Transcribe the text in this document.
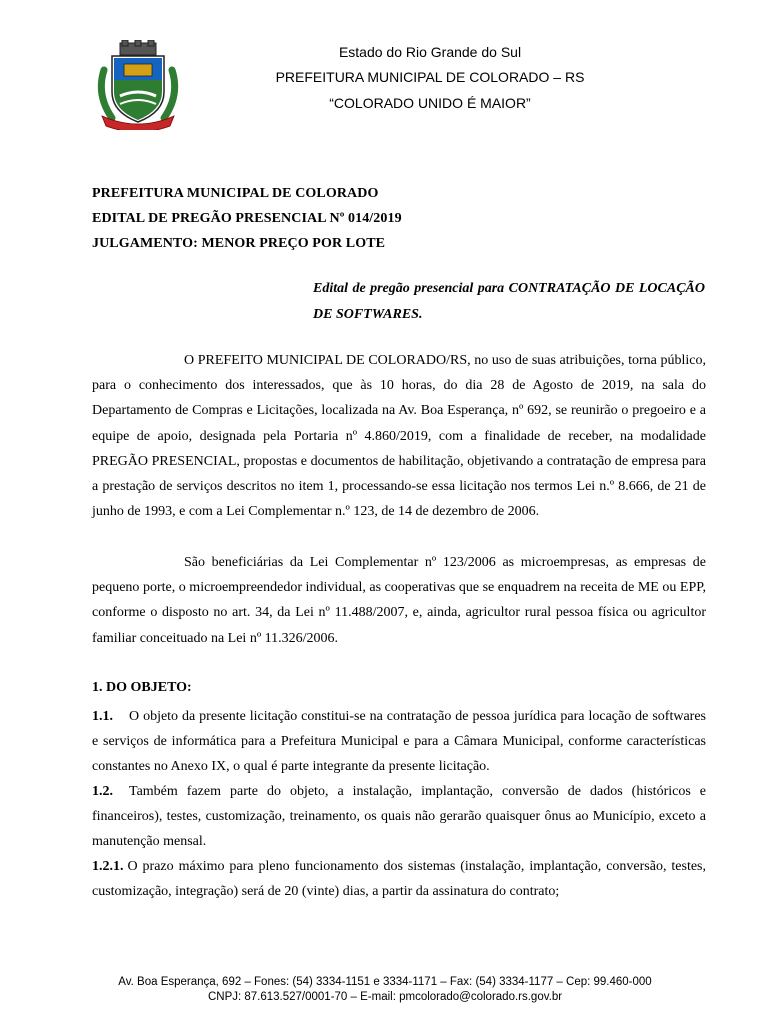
Estado do Rio Grande do Sul
PREFEITURA MUNICIPAL DE COLORADO – RS
“COLORADO UNIDO É MAIOR”
PREFEITURA MUNICIPAL DE COLORADO
EDITAL DE PREGÃO PRESENCIAL Nº 014/2019
JULGAMENTO: MENOR PREÇO POR LOTE
Edital de pregão presencial para CONTRATAÇÃO DE LOCAÇÃO DE SOFTWARES.
O PREFEITO MUNICIPAL DE COLORADO/RS, no uso de suas atribuições, torna público, para o conhecimento dos interessados, que às 10 horas, do dia 28 de Agosto de 2019, na sala do Departamento de Compras e Licitações, localizada na Av. Boa Esperança, nº 692, se reunirão o pregoeiro e a equipe de apoio, designada pela Portaria nº 4.860/2019, com a finalidade de receber, na modalidade PREGÃO PRESENCIAL, propostas e documentos de habilitação, objetivando a contratação de empresa para a prestação de serviços descritos no item 1, processando-se essa licitação nos termos Lei n.º 8.666, de 21 de junho de 1993, e com a Lei Complementar n.º 123, de 14 de dezembro de 2006.
São beneficiárias da Lei Complementar nº 123/2006 as microempresas, as empresas de pequeno porte, o microempreendedor individual, as cooperativas que se enquadrem na receita de ME ou EPP, conforme o disposto no art. 34, da Lei nº 11.488/2007, e, ainda, agricultor rural pessoa física ou agricultor familiar conceituado na Lei nº 11.326/2006.
1. DO OBJETO:
1.1. O objeto da presente licitação constitui-se na contratação de pessoa jurídica para locação de softwares e serviços de informática para a Prefeitura Municipal e para a Câmara Municipal, conforme características constantes no Anexo IX, o qual é parte integrante da presente licitação.
1.2. Também fazem parte do objeto, a instalação, implantação, conversão de dados (históricos e financeiros), testes, customização, treinamento, os quais não gerarão quaisquer ônus ao Município, exceto a manutenção mensal.
1.2.1. O prazo máximo para pleno funcionamento dos sistemas (instalação, implantação, conversão, testes, customização, integração) será de 20 (vinte) dias, a partir da assinatura do contrato;
Av. Boa Esperança, 692 – Fones: (54) 3334-1151 e 3334-1171 – Fax: (54) 3334-1177 – Cep: 99.460-000
CNPJ: 87.613.527/0001-70 – E-mail: pmcolorado@colorado.rs.gov.br
